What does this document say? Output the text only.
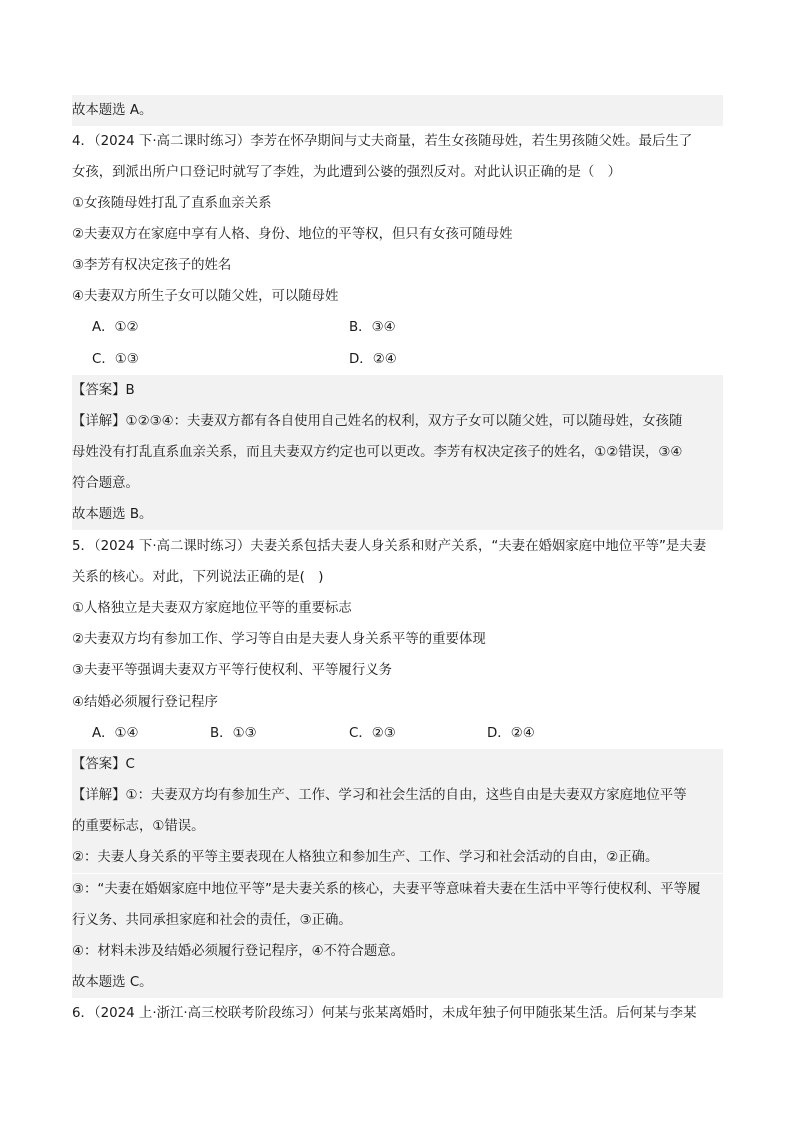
故本题选 A。
4．（2024 下·高二课时练习）李芳在怀孕期间与丈夫商量，若生女孩随母姓，若生男孩随父姓。最后生了
女孩，到派出所户口登记时就写了李姓，为此遭到公婆的强烈反对。对此认识正确的是（　）
①女孩随母姓打乱了直系血亲关系
②夫妻双方在家庭中享有人格、身份、地位的平等权，但只有女孩可随母姓
③李芳有权决定孩子的姓名
④夫妻双方所生子女可以随父姓，可以随母姓
A．①②	B．③④
C．①③	D．②④
【答案】B
【详解】①②③④：夫妻双方都有各自使用自己姓名的权利，双方子女可以随父姓，可以随母姓，女孩随
母姓没有打乱直系血亲关系，而且夫妻双方约定也可以更改。李芳有权决定孩子的姓名，①②错误，③④
符合题意。
故本题选 B。
5．（2024 下·高二课时练习）夫妻关系包括夫妻人身关系和财产关系，“夫妻在婚姻家庭中地位平等”是夫妻
关系的核心。对此，下列说法正确的是(　)
①人格独立是夫妻双方家庭地位平等的重要标志
②夫妻双方均有参加工作、学习等自由是夫妻人身关系平等的重要体现
③夫妻平等强调夫妻双方平等行使权利、平等履行义务
④结婚必须履行登记程序
A．①④	B．①③	C．②③	D．②④
【答案】C
【详解】①：夫妻双方均有参加生产、工作、学习和社会生活的自由，这些自由是夫妻双方家庭地位平等
的重要标志，①错误。
②：夫妻人身关系的平等主要表现在人格独立和参加生产、工作、学习和社会活动的自由，②正确。
③：“夫妻在婚姻家庭中地位平等”是夫妻关系的核心，夫妻平等意味着夫妻在生活中平等行使权利、平等履
行义务、共同承担家庭和社会的责任，③正确。
④：材料未涉及结婚必须履行登记程序，④不符合题意。
故本题选 C。
6．（2024 上·浙江·高三校联考阶段练习）何某与张某离婚时，未成年独子何甲随张某生活。后何某与李某
